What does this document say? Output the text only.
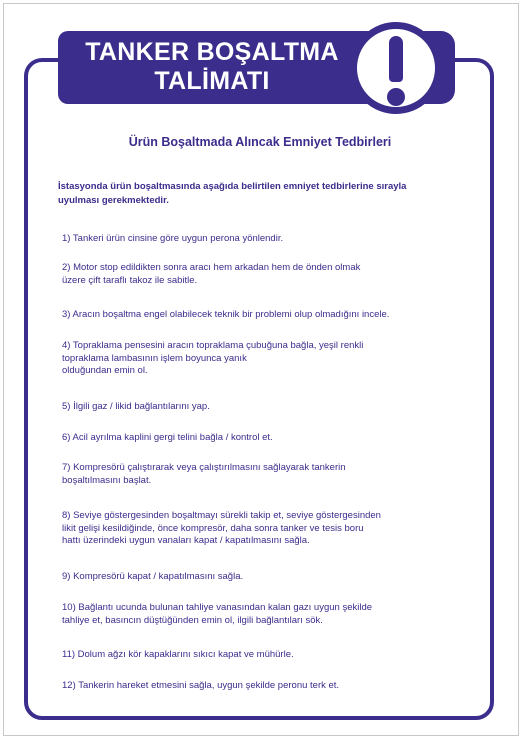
TANKER BOŞALTMA
TALİMATI

Ürün Boşaltmada Alıncak Emniyet Tedbirleri

İstasyonda ürün boşaltmasında aşağıda belirtilen emniyet tedbirlerine sırayla
uyulması gerekmektedir.

1) Tankeri ürün cinsine göre uygun perona yönlendir.
2) Motor stop edildikten sonra aracı hem arkadan hem de önden olmak
üzere çift taraflı takoz ile sabitle.
3) Aracın boşaltma engel olabilecek teknik bir problemi olup olmadığını incele.
4) Topraklama pensesini aracın topraklama çubuğuna bağla, yeşil renkli
topraklama lambasının işlem boyunca yanık
olduğundan emin ol.
5) İlgili gaz / likid bağlantılarını yap.
6) Acil ayrılma kaplini gergi telini bağla / kontrol et.
7) Kompresörü çalıştırarak veya çalıştırılmasını sağlayarak tankerin
boşaltılmasını başlat.
8) Seviye göstergesinden boşaltmayı sürekli takip et, seviye göstergesinden
likit gelişi kesildiğinde, önce kompresör, daha sonra tanker ve tesis boru
hattı üzerindeki uygun vanaları kapat / kapatılmasını sağla.
9) Kompresörü kapat / kapatılmasını sağla.
10) Bağlantı ucunda bulunan tahliye vanasından kalan gazı uygun şekilde
tahliye et, basıncın düştüğünden emin ol, ilgili bağlantıları sök.
11) Dolum ağzı kör kapaklarını sıkıcı kapat ve mühürle.
12) Tankerin hareket etmesini sağla, uygun şekilde peronu terk et.
